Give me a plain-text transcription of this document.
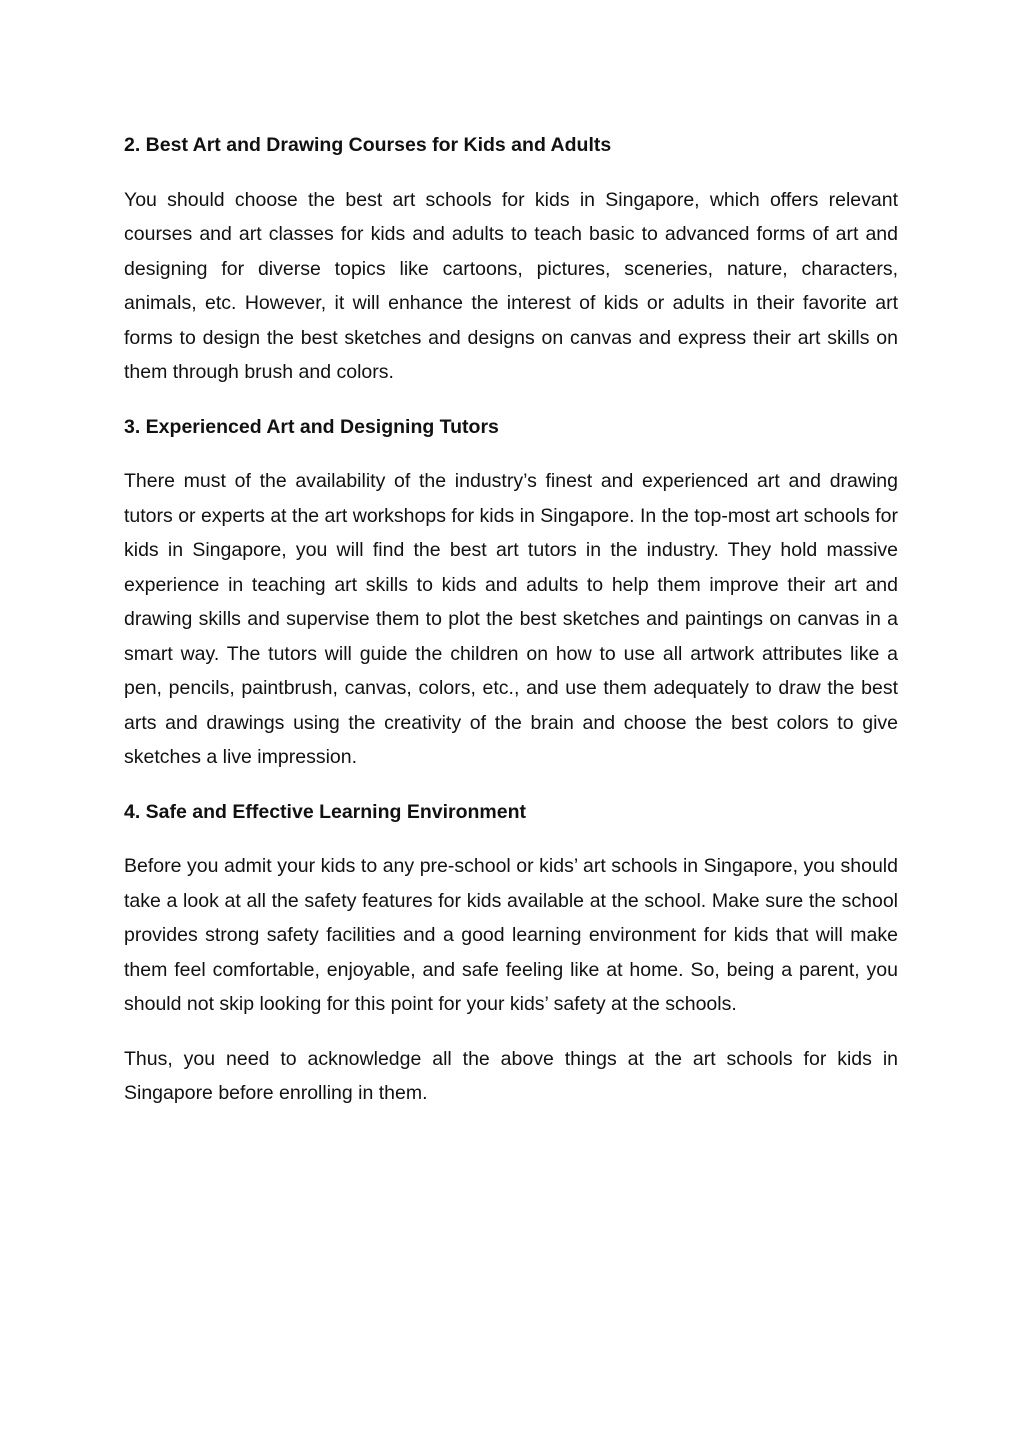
2. Best Art and Drawing Courses for Kids and Adults

You should choose the best art schools for kids in Singapore, which offers relevant courses and art classes for kids and adults to teach basic to advanced forms of art and designing for diverse topics like cartoons, pictures, sceneries, nature, characters, animals, etc. However, it will enhance the interest of kids or adults in their favorite art forms to design the best sketches and designs on canvas and express their art skills on them through brush and colors.

3. Experienced Art and Designing Tutors

There must of the availability of the industry’s finest and experienced art and drawing tutors or experts at the art workshops for kids in Singapore. In the top-most art schools for kids in Singapore, you will find the best art tutors in the industry. They hold massive experience in teaching art skills to kids and adults to help them improve their art and drawing skills and supervise them to plot the best sketches and paintings on canvas in a smart way. The tutors will guide the children on how to use all artwork attributes like a pen, pencils, paintbrush, canvas, colors, etc., and use them adequately to draw the best arts and drawings using the creativity of the brain and choose the best colors to give sketches a live impression.

4. Safe and Effective Learning Environment

Before you admit your kids to any pre-school or kids’ art schools in Singapore, you should take a look at all the safety features for kids available at the school. Make sure the school provides strong safety facilities and a good learning environment for kids that will make them feel comfortable, enjoyable, and safe feeling like at home. So, being a parent, you should not skip looking for this point for your kids’ safety at the schools.

Thus, you need to acknowledge all the above things at the art schools for kids in Singapore before enrolling in them.
